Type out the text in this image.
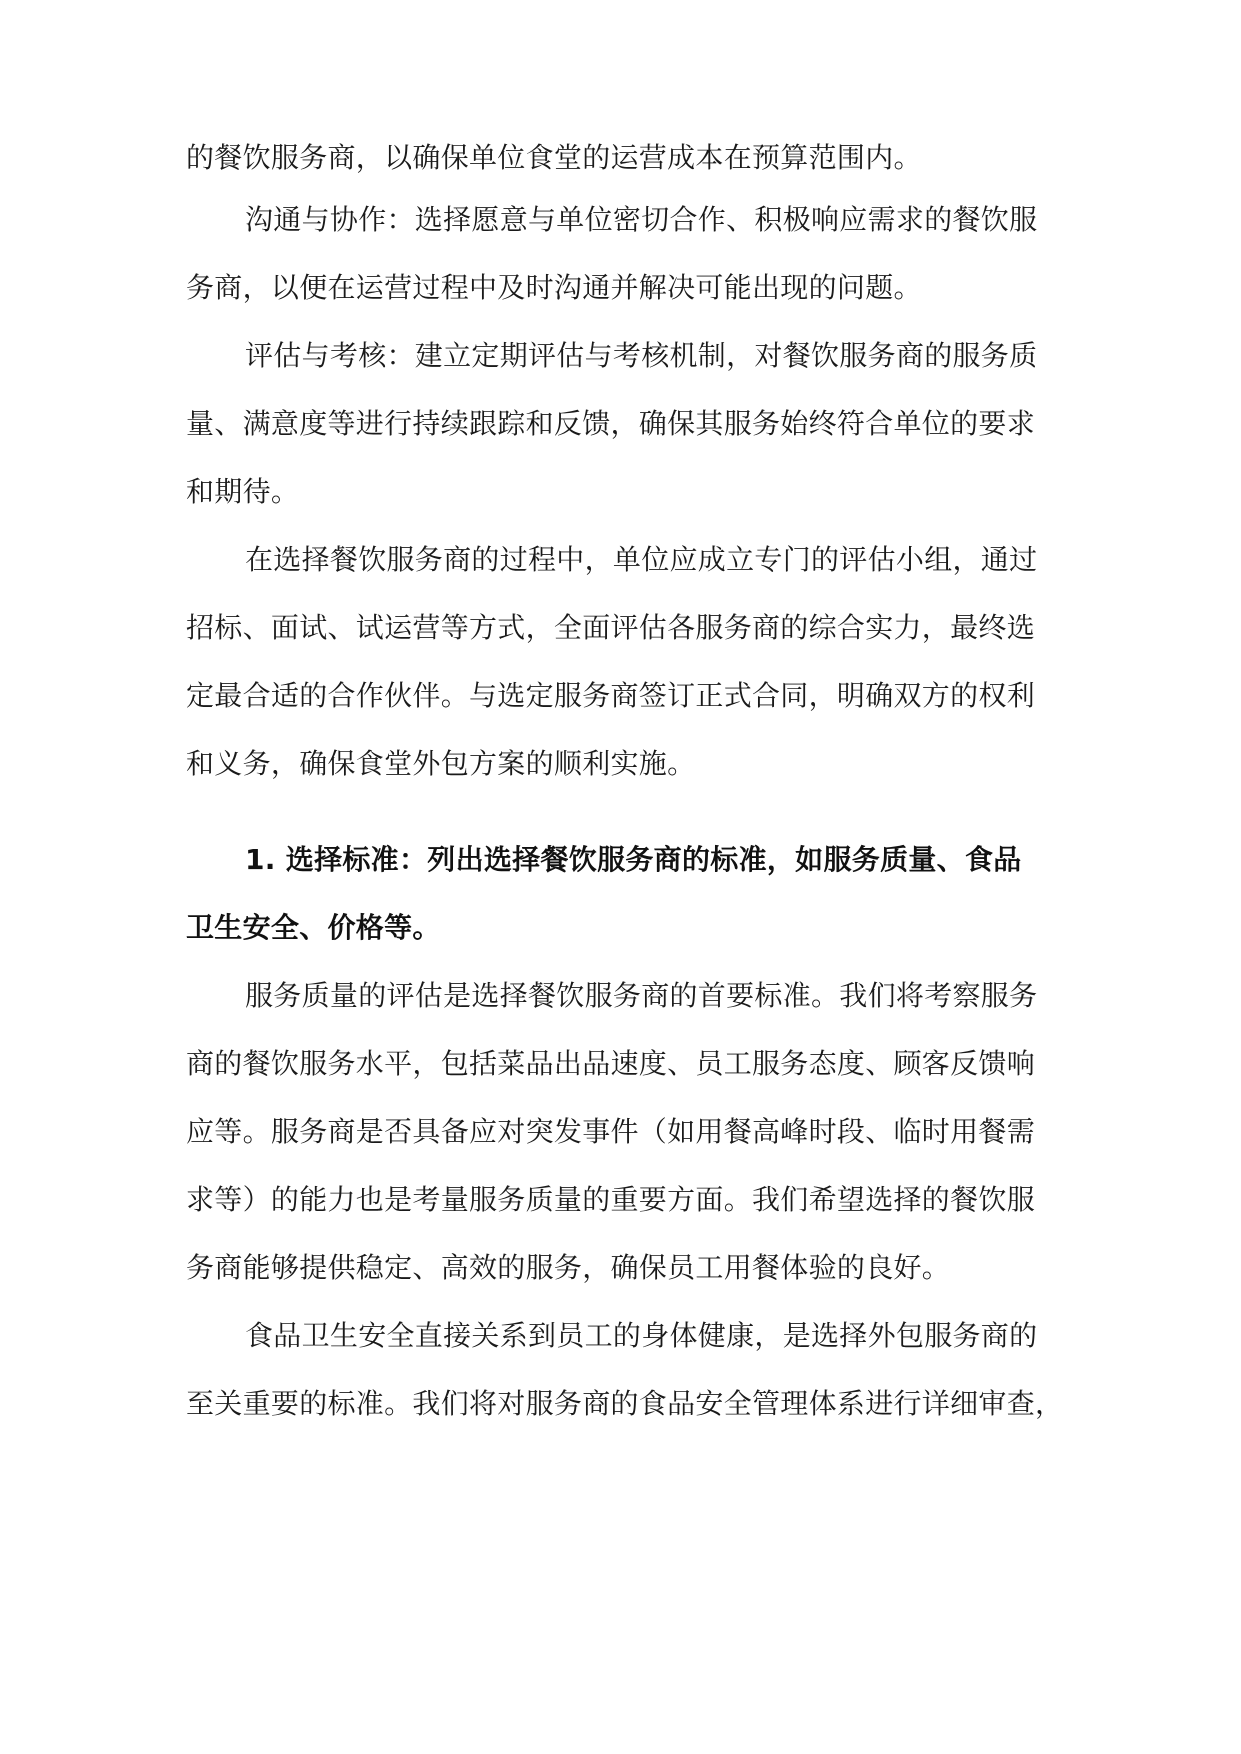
的餐饮服务商，以确保单位食堂的运营成本在预算范围内。
沟通与协作：选择愿意与单位密切合作、积极响应需求的餐饮服
务商，以便在运营过程中及时沟通并解决可能出现的问题。
评估与考核：建立定期评估与考核机制，对餐饮服务商的服务质
量、满意度等进行持续跟踪和反馈，确保其服务始终符合单位的要求
和期待。
在选择餐饮服务商的过程中，单位应成立专门的评估小组，通过
招标、面试、试运营等方式，全面评估各服务商的综合实力，最终选
定最合适的合作伙伴。与选定服务商签订正式合同，明确双方的权利
和义务，确保食堂外包方案的顺利实施。
1. 选择标准：列出选择餐饮服务商的标准，如服务质量、食品
卫生安全、价格等。
服务质量的评估是选择餐饮服务商的首要标准。我们将考察服务
商的餐饮服务水平，包括菜品出品速度、员工服务态度、顾客反馈响
应等。服务商是否具备应对突发事件（如用餐高峰时段、临时用餐需
求等）的能力也是考量服务质量的重要方面。我们希望选择的餐饮服
务商能够提供稳定、高效的服务，确保员工用餐体验的良好。
食品卫生安全直接关系到员工的身体健康，是选择外包服务商的
至关重要的标准。我们将对服务商的食品安全管理体系进行详细审查，
